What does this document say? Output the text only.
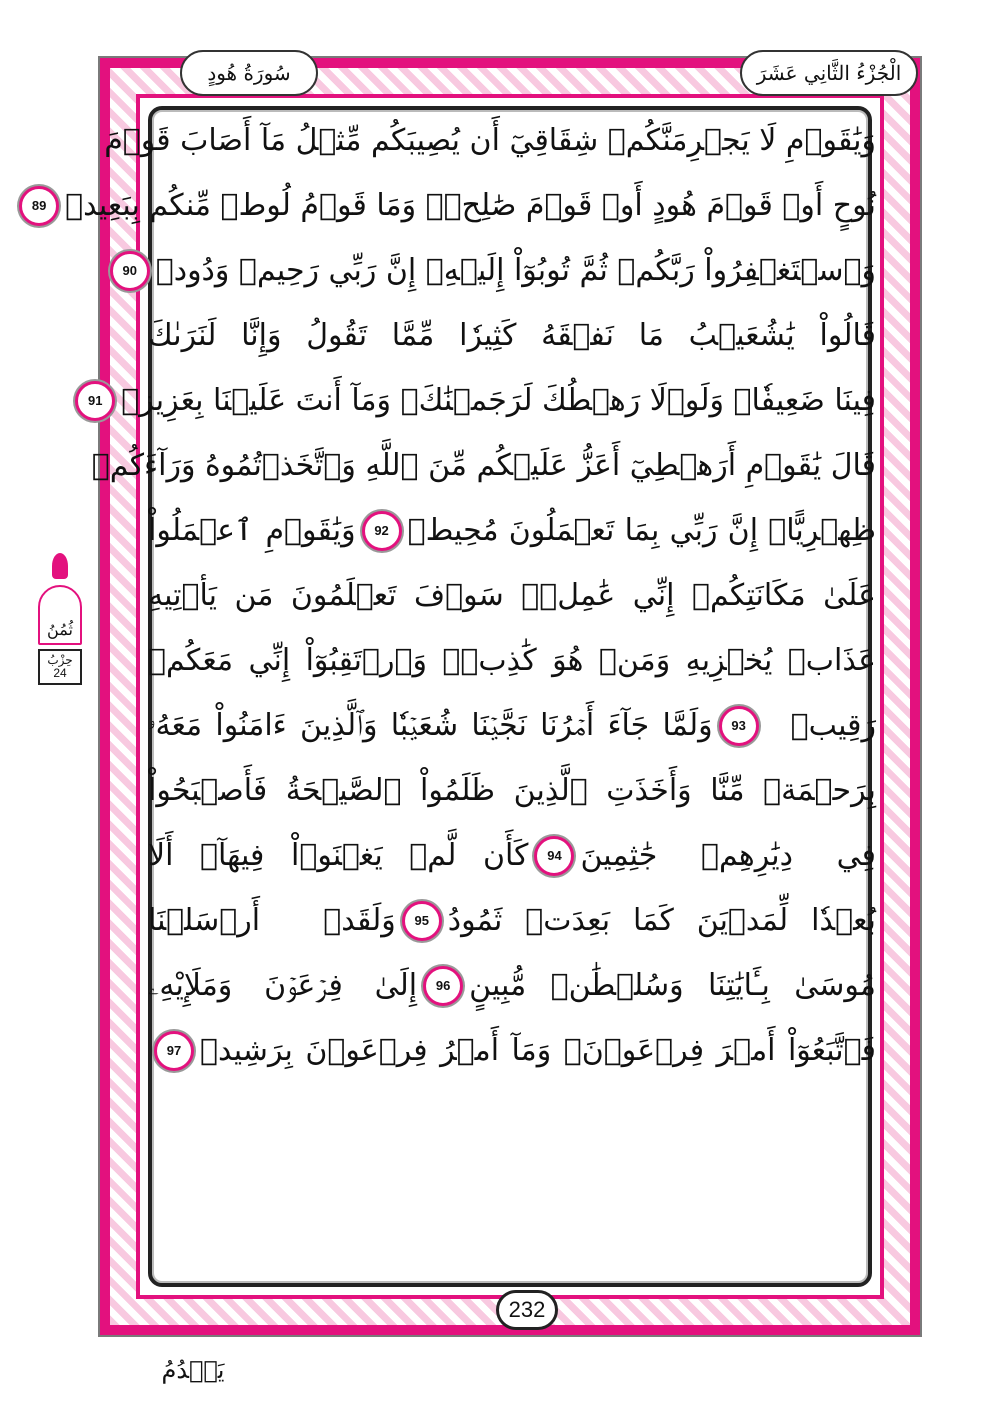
الْجُزْءُ الثَّانِي عَشَرَ
سُورَةُ هُودٍ
وَيَٰقَوۡمِ لَا يَجۡرِمَنَّكُمۡ شِقَاقِيٓ أَن يُصِيبَكُم مِّثۡلُ مَآ أَصَابَ قَوۡمَ
نُوحٍ أَوۡ قَوۡمَ هُودٍ أَوۡ قَوۡمَ صَٰلِحٖۚ وَمَا قَوۡمُ لُوطٖ مِّنكُم بِبَعِيدٖ
89
وَٱسۡتَغۡفِرُواْ رَبَّكُمۡ ثُمَّ تُوبُوٓاْ إِلَيۡهِۚ إِنَّ رَبِّي رَحِيمٞ وَدُودٞ
90
قَالُواْ يَٰشُعَيۡبُ مَا نَفۡقَهُ كَثِيرٗا مِّمَّا تَقُولُ وَإِنَّا لَنَرَىٰكَ
فِينَا ضَعِيفٗاۖ وَلَوۡلَا رَهۡطُكَ لَرَجَمۡنَٰكَۖ وَمَآ أَنتَ عَلَيۡنَا بِعَزِيزٖ
91
قَالَ يَٰقَوۡمِ أَرَهۡطِيٓ أَعَزُّ عَلَيۡكُم مِّنَ ٱللَّهِ وَٱتَّخَذۡتُمُوهُ وَرَآءَكُمۡ
ظِهۡرِيًّاۖ إِنَّ رَبِّي بِمَا تَعۡمَلُونَ مُحِيطٞ
92
وَيَٰقَوۡمِ ٱعۡمَلُواْ
عَلَىٰ مَكَانَتِكُمۡ إِنِّي عَٰمِلٞۖ سَوۡفَ تَعۡلَمُونَ مَن يَأۡتِيهِ
عَذَابٞ يُخۡزِيهِ وَمَنۡ هُوَ كَٰذِبٞۖ وَٱرۡتَقِبُوٓاْ إِنِّي مَعَكُمۡ
رَقِيبٞ
93
وَلَمَّا جَآءَ أَمۡرُنَا نَجَّيۡنَا شُعَيۡبٗا وَٱلَّذِينَ ءَامَنُواْ مَعَهُۥ
بِرَحۡمَةٖ مِّنَّا وَأَخَذَتِ ٱلَّذِينَ ظَلَمُواْ ٱلصَّيۡحَةُ فَأَصۡبَحُواْ
فِي دِيَٰرِهِمۡ جَٰثِمِينَ
94
كَأَن لَّمۡ يَغۡنَوۡاْ فِيهَآۗ أَلَا
بُعۡدٗا لِّمَدۡيَنَ كَمَا بَعِدَتۡ ثَمُودُ
95
وَلَقَدۡ أَرۡسَلۡنَا
مُوسَىٰ بِـَٔايَٰتِنَا وَسُلۡطَٰنٖ مُّبِينٍ
96
إِلَىٰ فِرۡعَوۡنَ وَمَلَإِيْهِۦ
فَٱتَّبَعُوٓاْ أَمۡرَ فِرۡعَوۡنَۖ وَمَآ أَمۡرُ فِرۡعَوۡنَ بِرَشِيدٖ
97
ثُمُنُ
حِزْبُ
24
232
يَقۡدُمُ
